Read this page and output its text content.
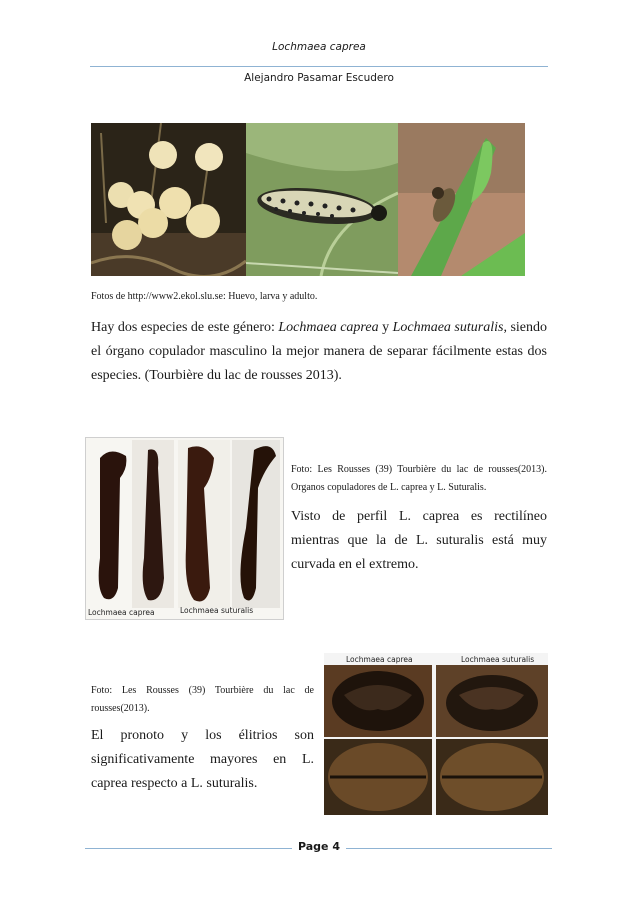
Lochmaea caprea
Alejandro Pasamar Escudero
Fotos de http://www2.ekol.slu.se: Huevo, larva y adulto.

Hay dos especies de este género: Lochmaea caprea y Lochmaea suturalis, siendo el órgano copulador masculino la mejor manera de separar fácilmente estas dos especies. (Tourbière du lac de rousses 2013).

Lochmaea caprea	Lochmaea suturalis
Foto: Les Rousses (39) Tourbière du lac de rousses(2013). Organos copuladores de L. caprea y L. Suturalis.

Visto de perfil L. caprea es rectilíneo mientras que la de L. suturalis está muy curvada en el extremo.

Foto: Les Rousses (39) Tourbière du lac de rousses(2013).

El pronoto y los élitrios son significativamente mayores en L. caprea respecto a L. suturalis.

Lochmaea caprea	Lochmaea suturalis
Page 4
